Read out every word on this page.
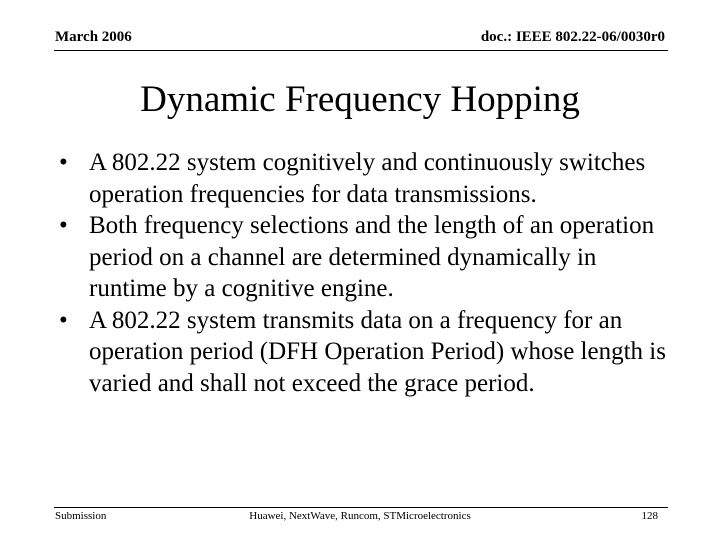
March 2006	doc.: IEEE 802.22-06/0030r0
Dynamic Frequency Hopping
• A 802.22 system cognitively and continuously switches operation frequencies for data transmissions.
• Both frequency selections and the length of an operation period on a channel are determined dynamically in runtime by a cognitive engine.
• A 802.22 system transmits data on a frequency for an operation period (DFH Operation Period) whose length is varied and shall not exceed the grace period.
Submission	Huawei, NextWave, Runcom, STMicroelectronics	128
